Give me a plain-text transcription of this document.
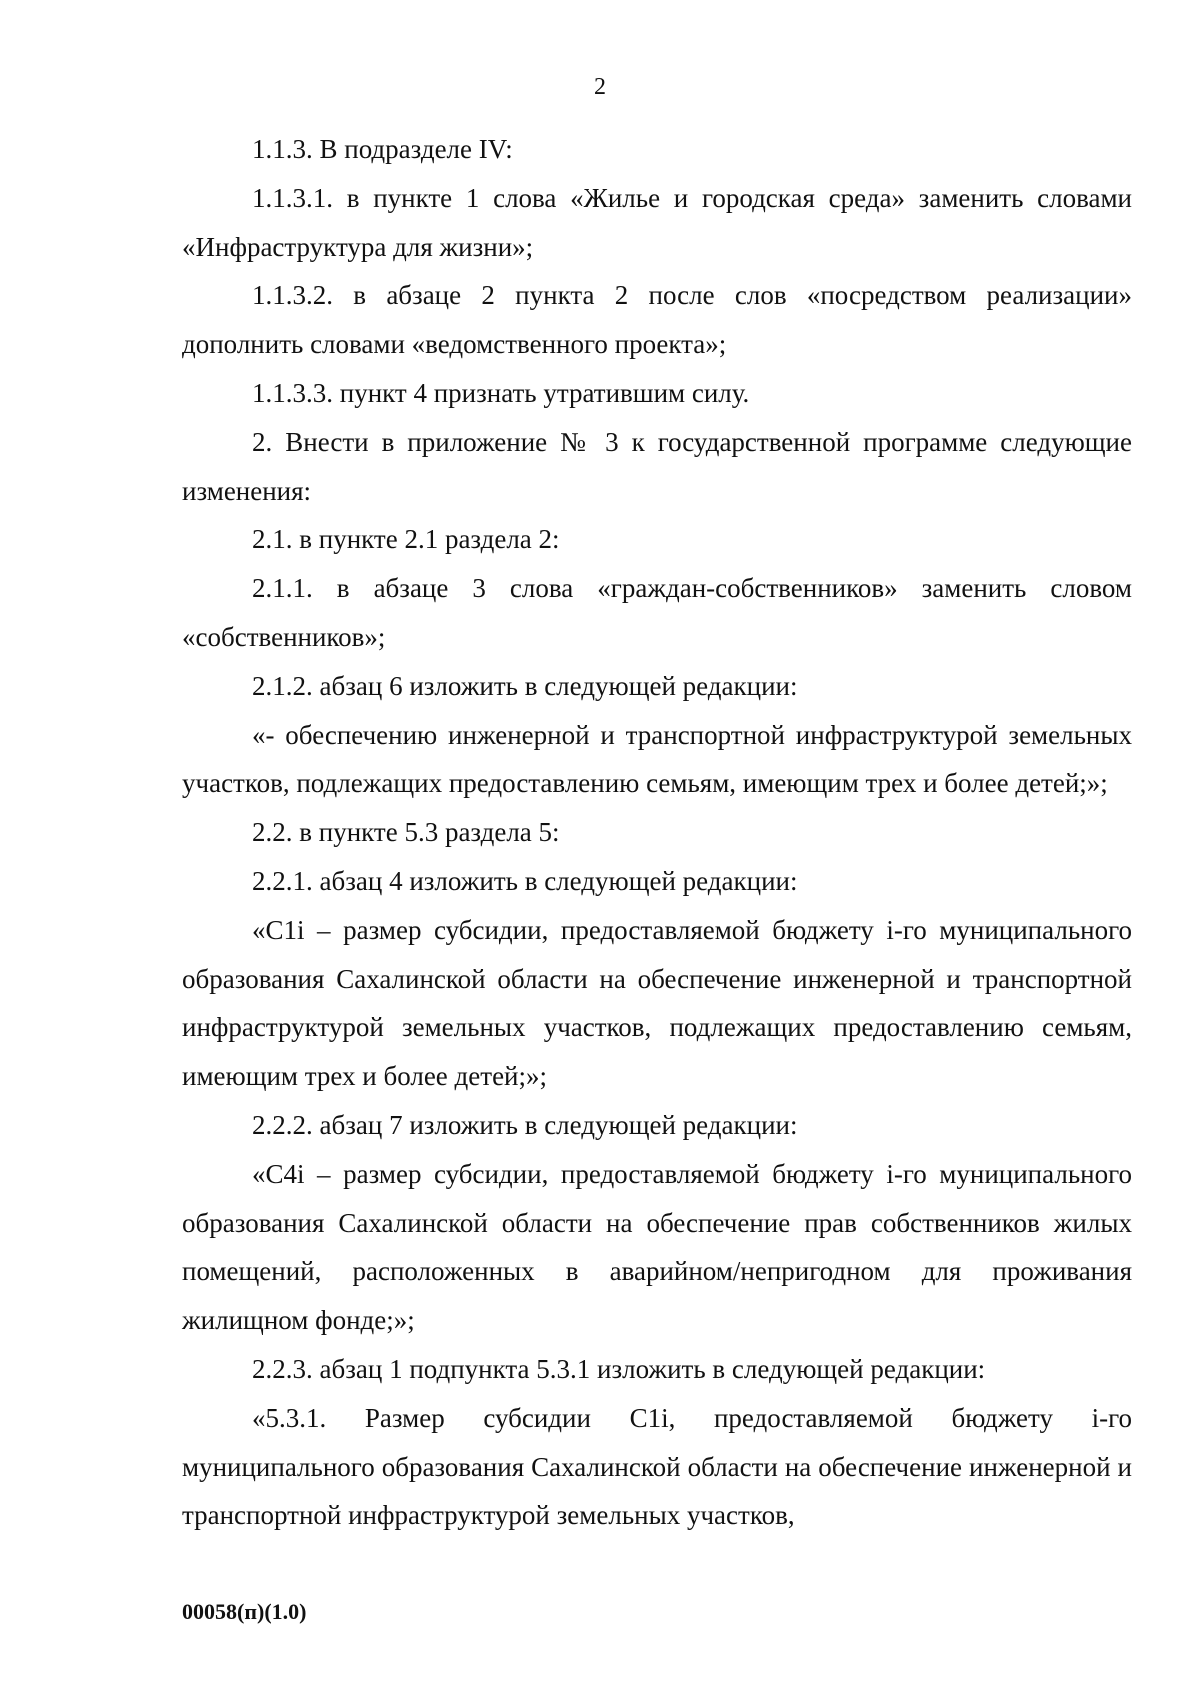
2

1.1.3. В подразделе IV:

1.1.3.1. в пункте 1 слова «Жилье и городская среда» заменить словами «Инфраструктура для жизни»;

1.1.3.2. в абзаце 2 пункта 2 после слов «посредством реализации» дополнить словами «ведомственного проекта»;

1.1.3.3. пункт 4 признать утратившим силу.

2. Внести в приложение № 3 к государственной программе следующие изменения:

2.1. в пункте 2.1 раздела 2:

2.1.1. в абзаце 3 слова «граждан-собственников» заменить словом «собственников»;

2.1.2. абзац 6 изложить в следующей редакции:

«- обеспечению инженерной и транспортной инфраструктурой земельных участков, подлежащих предоставлению семьям, имеющим трех и более детей;»;

2.2. в пункте 5.3 раздела 5:

2.2.1. абзац 4 изложить в следующей редакции:

«С1i – размер субсидии, предоставляемой бюджету i-го муниципального образования Сахалинской области на обеспечение инженерной и транспортной инфраструктурой земельных участков, подлежащих предоставлению семьям, имеющим трех и более детей;»;

2.2.2. абзац 7 изложить в следующей редакции:

«С4i – размер субсидии, предоставляемой бюджету i-го муниципального образования Сахалинской области на обеспечение прав собственников жилых помещений, расположенных в аварийном/непригодном для проживания жилищном фонде;»;

2.2.3. абзац 1 подпункта 5.3.1 изложить в следующей редакции:

«5.3.1. Размер субсидии С1i, предоставляемой бюджету i-го муниципального образования Сахалинской области на обеспечение инженерной и транспортной инфраструктурой земельных участков,

00058(п)(1.0)
